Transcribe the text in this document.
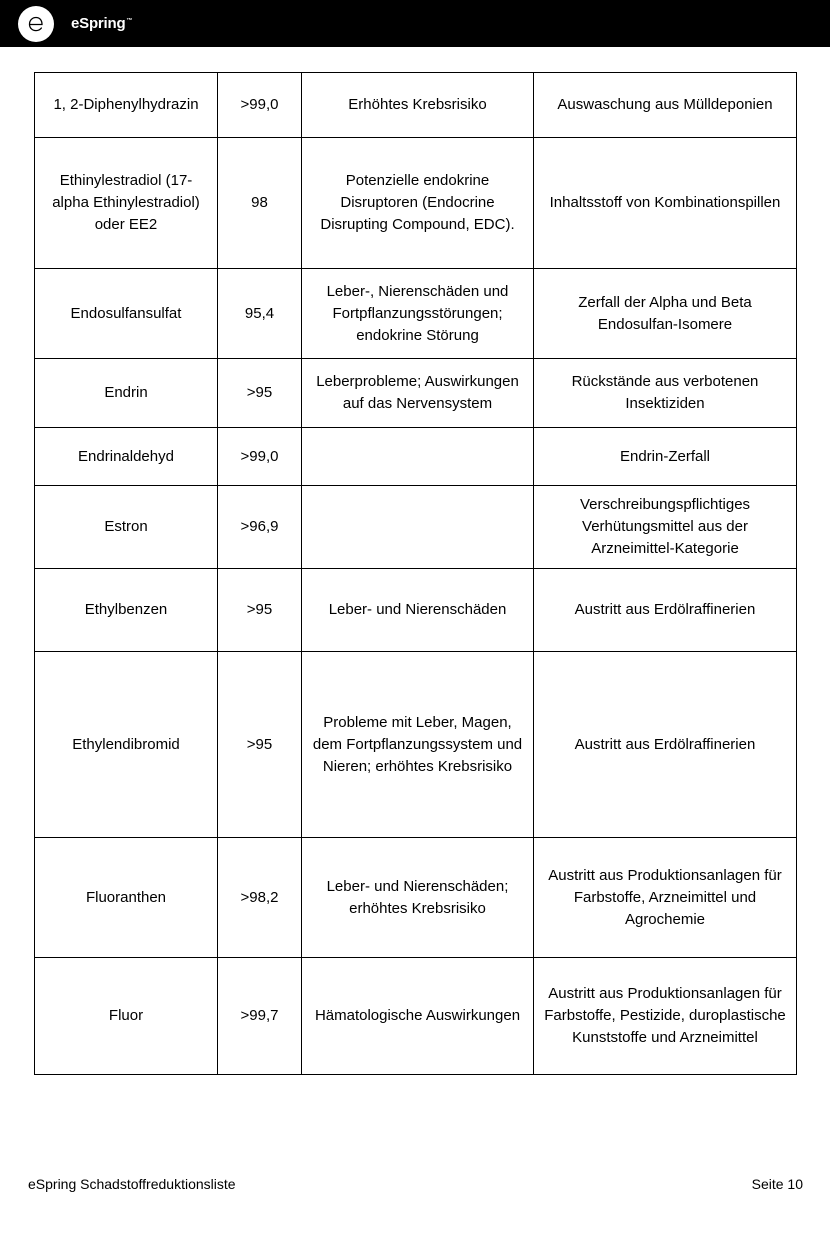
eSpring™
1, 2-Diphenylhydrazin	>99,0	Erhöhtes Krebsrisiko	Auswaschung aus Mülldeponien
Ethinylestradiol (17-alpha Ethinylestradiol) oder EE2	98	Potenzielle endokrine Disruptoren (Endocrine Disrupting Compound, EDC).	Inhaltsstoff von Kombinationspillen
Endosulfansulfat	95,4	Leber-, Nierenschäden und Fortpflanzungsstörungen; endokrine Störung	Zerfall der Alpha und Beta Endosulfan-Isomere
Endrin	>95	Leberprobleme; Auswirkungen auf das Nervensystem	Rückstände aus verbotenen Insektiziden
Endrinaldehyd	>99,0		Endrin-Zerfall
Estron	>96,9		Verschreibungspflichtiges Verhütungsmittel aus der Arzneimittel-Kategorie
Ethylbenzen	>95	Leber- und Nierenschäden	Austritt aus Erdölraffinerien
Ethylendibromid	>95	Probleme mit Leber, Magen, dem Fortpflanzungssystem und Nieren; erhöhtes Krebsrisiko	Austritt aus Erdölraffinerien
Fluoranthen	>98,2	Leber- und Nierenschäden; erhöhtes Krebsrisiko	Austritt aus Produktionsanlagen für Farbstoffe, Arzneimittel und Agrochemie
Fluor	>99,7	Hämatologische Auswirkungen	Austritt aus Produktionsanlagen für Farbstoffe, Pestizide, duroplastische Kunststoffe und Arzneimittel
eSpring Schadstoffreduktionsliste	Seite 10
